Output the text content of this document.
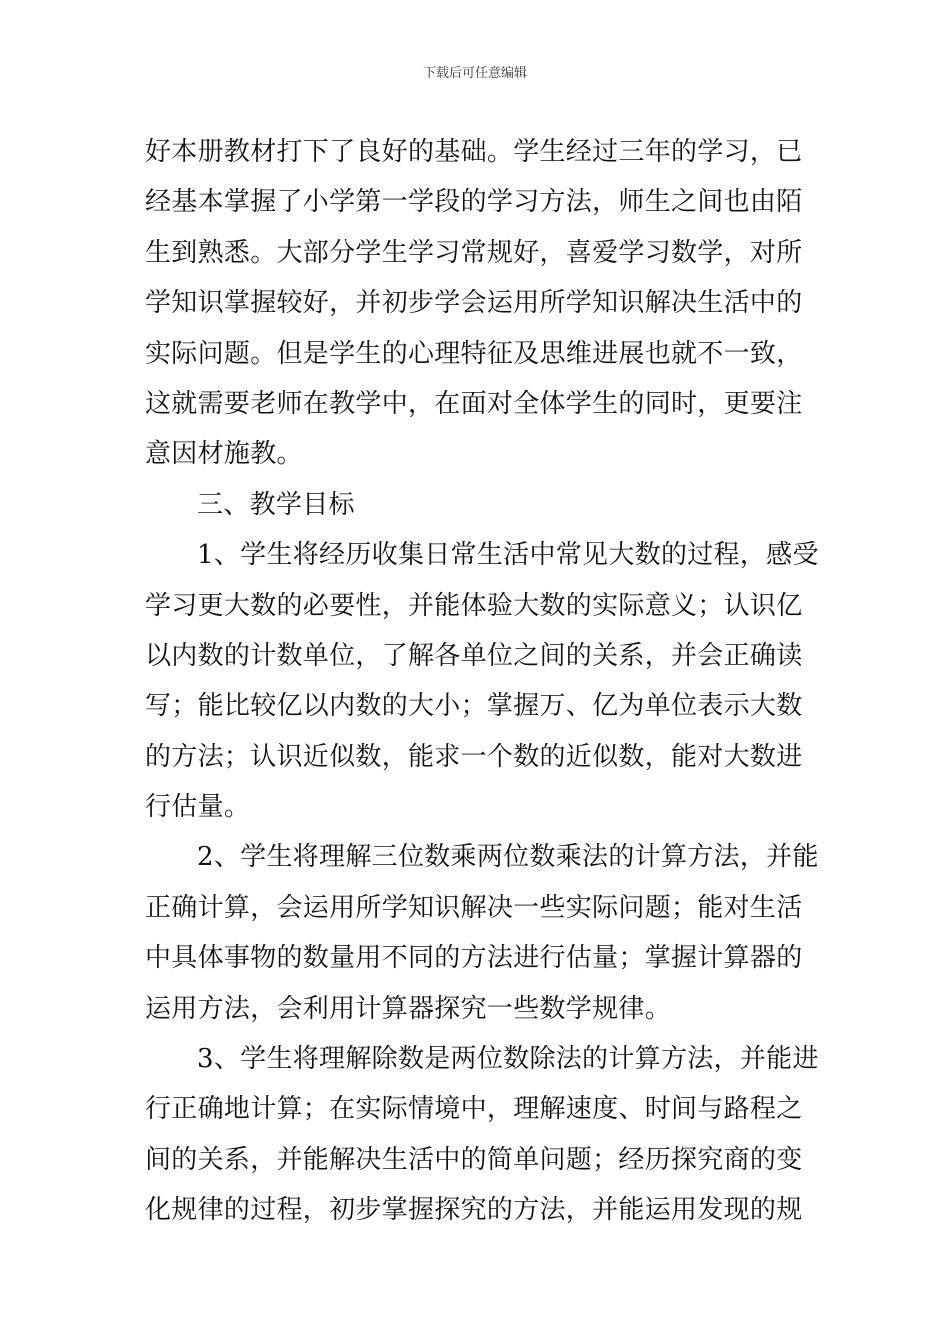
下载后可任意编辑
好本册教材打下了良好的基础。学生经过三年的学习，已
经基本掌握了小学第一学段的学习方法，师生之间也由陌
生到熟悉。大部分学生学习常规好，喜爱学习数学，对所
学知识掌握较好，并初步学会运用所学知识解决生活中的
实际问题。但是学生的心理特征及思维进展也就不一致，
这就需要老师在教学中，在面对全体学生的同时，更要注
意因材施教。
三、教学目标
1、学生将经历收集日常生活中常见大数的过程，感受
学习更大数的必要性，并能体验大数的实际意义；认识亿
以内数的计数单位，了解各单位之间的关系，并会正确读
写；能比较亿以内数的大小；掌握万、亿为单位表示大数
的方法；认识近似数，能求一个数的近似数，能对大数进
行估量。
2、学生将理解三位数乘两位数乘法的计算方法，并能
正确计算，会运用所学知识解决一些实际问题；能对生活
中具体事物的数量用不同的方法进行估量；掌握计算器的
运用方法，会利用计算器探究一些数学规律。
3、学生将理解除数是两位数除法的计算方法，并能进
行正确地计算；在实际情境中，理解速度、时间与路程之
间的关系，并能解决生活中的简单问题；经历探究商的变
化规律的过程，初步掌握探究的方法，并能运用发现的规
